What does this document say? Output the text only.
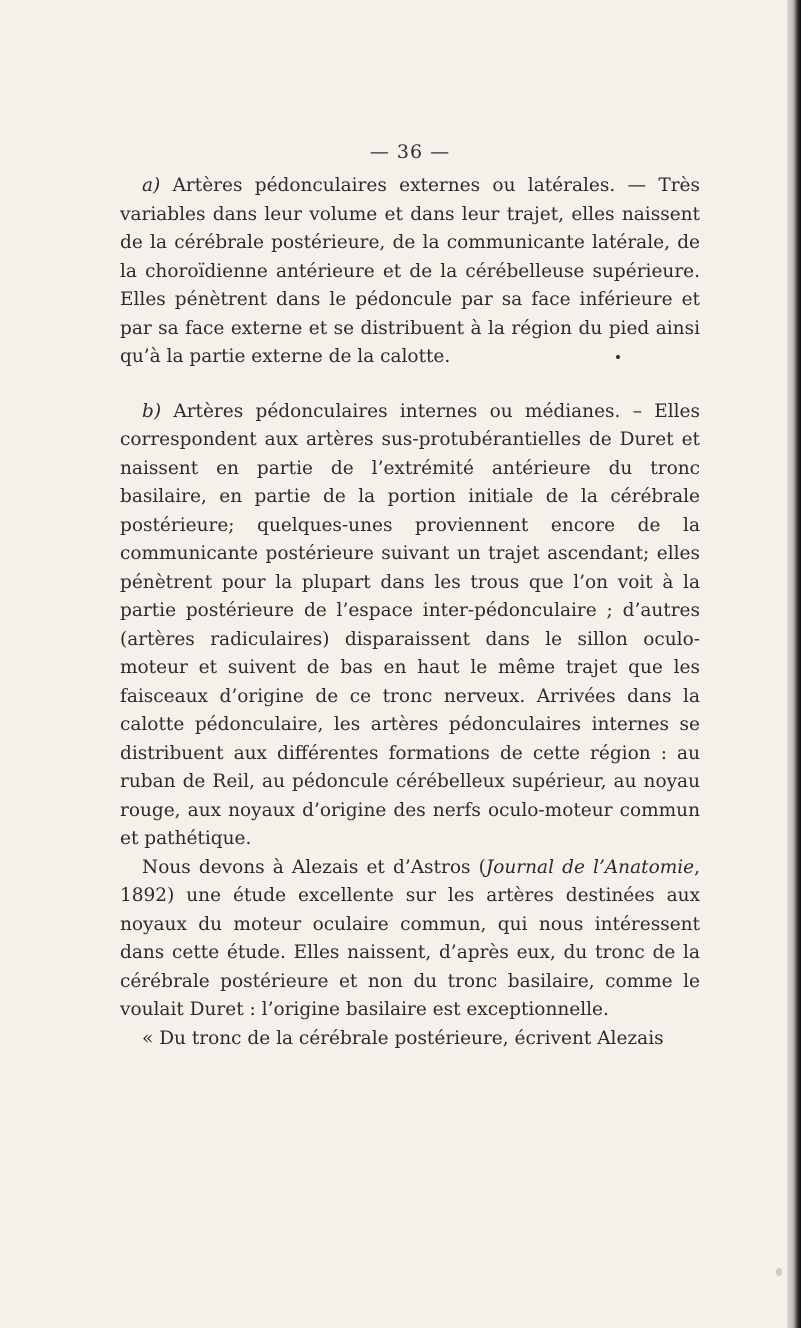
— 36 —

a) Artères pédonculaires externes ou latérales. — Très variables dans leur volume et dans leur trajet, elles naissent de la cérébrale postérieure, de la communicante latérale, de la choroïdienne antérieure et de la cérébelleuse supérieure. Elles pénètrent dans le pédoncule par sa face inférieure et par sa face externe et se distribuent à la région du pied ainsi qu’à la partie externe de la calotte.

b) Artères pédonculaires internes ou médianes. – Elles correspondent aux artères sus-protubérantielles de Duret et naissent en partie de l’extrémité antérieure du tronc basilaire, en partie de la portion initiale de la cérébrale postérieure; quelques-unes proviennent encore de la communicante postérieure suivant un trajet ascendant; elles pénètrent pour la plupart dans les trous que l’on voit à la partie postérieure de l’espace inter-pédonculaire ; d’autres (artères radiculaires) disparaissent dans le sillon oculo-moteur et suivent de bas en haut le même trajet que les faisceaux d’origine de ce tronc nerveux. Arrivées dans la calotte pédonculaire, les artères pédonculaires internes se distribuent aux différentes formations de cette région : au ruban de Reil, au pédoncule cérébelleux supérieur, au noyau rouge, aux noyaux d’origine des nerfs oculo-moteur commun et pathétique.

Nous devons à Alezais et d’Astros (Journal de l’Anatomie, 1892) une étude excellente sur les artères destinées aux noyaux du moteur oculaire commun, qui nous intéressent dans cette étude. Elles naissent, d’après eux, du tronc de la cérébrale postérieure et non du tronc basilaire, comme le voulait Duret : l’origine basilaire est exceptionnelle.

« Du tronc de la cérébrale postérieure, écrivent Alezais
